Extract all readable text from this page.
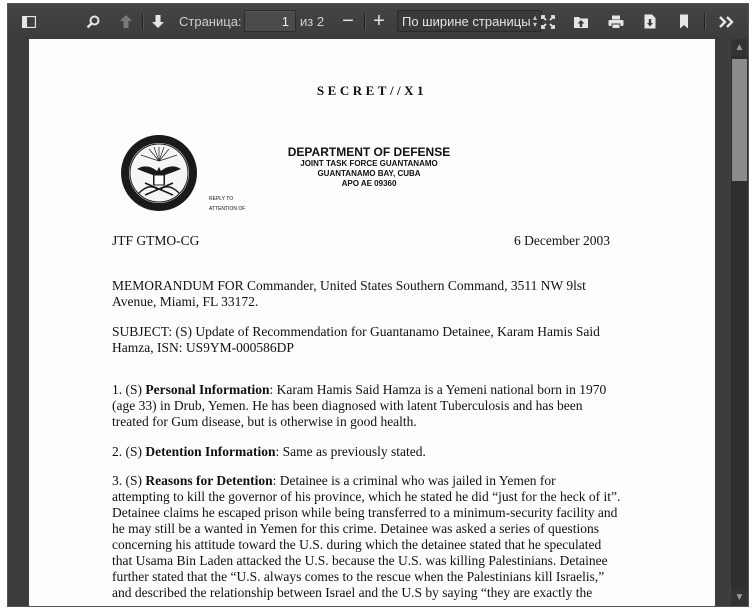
Страница:
1	из 2 − +	По ширине страницы ▴
▾
SECRET//X1
DEPARTMENT OF DEFENSE
JOINT TASK FORCE GUANTANAMO
GUANTANAMO BAY, CUBA
APO AE 09360
REPLY TO
ATTENTION OF
JTF GTMO-CG	6 December 2003
MEMORANDUM FOR Commander, United States Southern Command, 3511 NW 9lst
Avenue, Miami, FL 33172.
SUBJECT: (S) Update of Recommendation for Guantanamo Detainee, Karam Hamis Said
Hamza, ISN: US9YM-000586DP
1. (S) Personal Information: Karam Hamis Said Hamza is a Yemeni national born in 1970
(age 33) in Drub, Yemen. He has been diagnosed with latent Tuberculosis and has been
treated for Gum disease, but is otherwise in good health.
2. (S) Detention Information: Same as previously stated.
3. (S) Reasons for Detention: Detainee is a criminal who was jailed in Yemen for
attempting to kill the governor of his province, which he stated he did “just for the heck of it”.
Detainee claims he escaped prison while being transferred to a minimum-security facility and
he may still be a wanted in Yemen for this crime. Detainee was asked a series of questions
concerning his attitude toward the U.S. during which the detainee stated that he speculated
that Usama Bin Laden attacked the U.S. because the U.S. was killing Palestinians. Detainee
further stated that the “U.S. always comes to the rescue when the Palestinians kill Israelis,”
and described the relationship between Israel and the U.S by saying “they are exactly the
▲
▼
